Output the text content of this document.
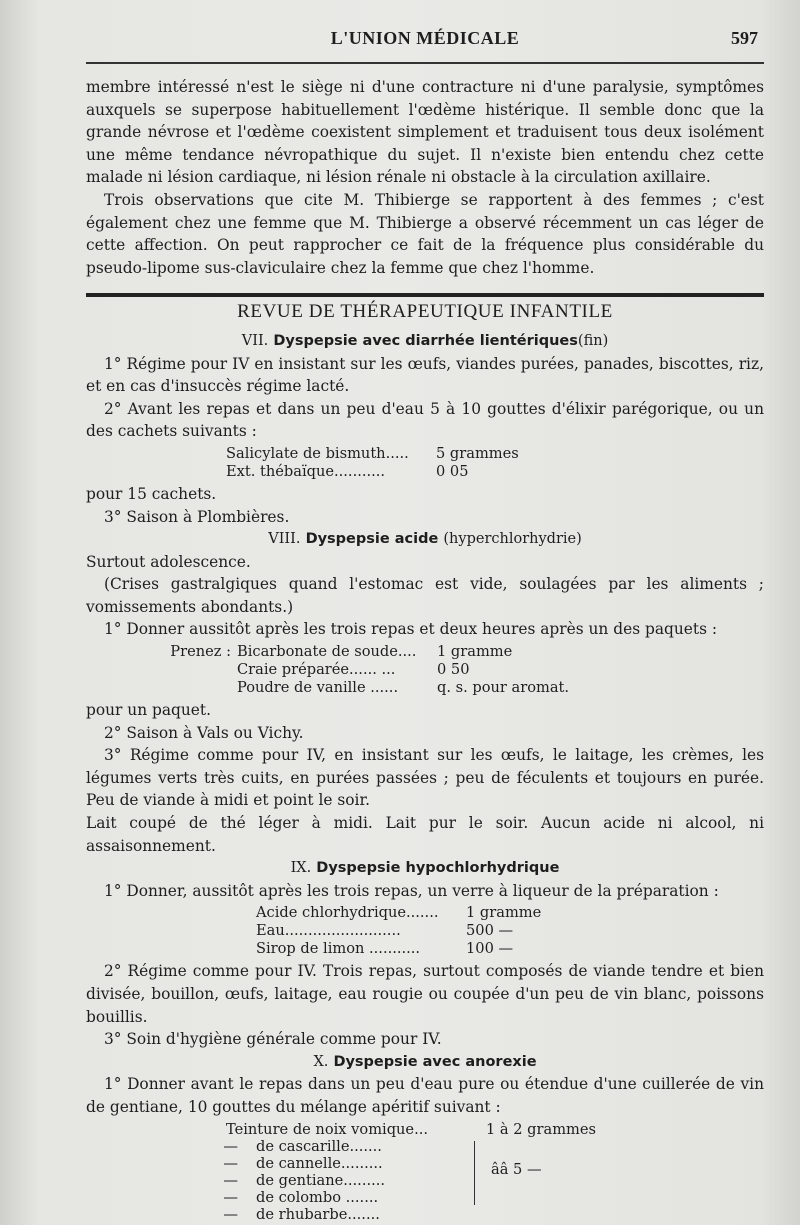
L'UNION MÉDICALE	597

membre intéressé n'est le siège ni d'une contracture ni d'une paralysie, symptômes auxquels se superpose habituellement l'œdème histérique. Il semble donc que la grande névrose et l'œdème coexistent simplement et traduisent tous deux isolément une même tendance névropathique du sujet. Il n'existe bien entendu chez cette malade ni lésion cardiaque, ni lésion rénale ni obstacle à la circulation axillaire.

Trois observations que cite M. Thibierge se rapportent à des femmes ; c'est également chez une femme que M. Thibierge a observé récemment un cas léger de cette affection. On peut rapprocher ce fait de la fréquence plus considérable du pseudo-lipome sus-claviculaire chez la femme que chez l'homme.

REVUE DE THÉRAPEUTIQUE INFANTILE
VII. Dyspepsie avec diarrhée lientériques(fin)

1° Régime pour IV en insistant sur les œufs, viandes purées, panades, biscottes, riz, et en cas d'insuccès régime lacté.

2° Avant les repas et dans un peu d'eau 5 à 10 gouttes d'élixir parégorique, ou un des cachets suivants :

Salicylate de bismuth.....	5 grammes
Ext. thébaïque...........	0 05

pour 15 cachets.

3° Saison à Plombières.

VIII. Dyspepsie acide (hyperchlorhydrie)

Surtout adolescence.

(Crises gastralgiques quand l'estomac est vide, soulagées par les aliments ; vomissements abondants.)

1° Donner aussitôt après les trois repas et deux heures après un des paquets :

Prenez : Bicarbonate de soude....	1 gramme
Craie préparée...... ...	0 50
Poudre de vanille ......	q. s. pour aromat.

pour un paquet.

2° Saison à Vals ou Vichy.

3° Régime comme pour IV, en insistant sur les œufs, le laitage, les crèmes, les légumes verts très cuits, en purées passées ; peu de féculents et toujours en purée. Peu de viande à midi et point le soir.

Lait coupé de thé léger à midi. Lait pur le soir. Aucun acide ni alcool, ni assaisonnement.

IX. Dyspepsie hypochlorhydrique

1° Donner, aussitôt après les trois repas, un verre à liqueur de la préparation :

Acide chlorhydrique.......	1 gramme
Eau.........................	500 —
Sirop de limon ...........	100 —

2° Régime comme pour IV. Trois repas, surtout composés de viande tendre et bien divisée, bouillon, œufs, laitage, eau rougie ou coupée d'un peu de vin blanc, poissons bouillis.

3° Soin d'hygiène générale comme pour IV.

X. Dyspepsie avec anorexie

1° Donner avant le repas dans un peu d'eau pure ou étendue d'une cuillerée de vin de gentiane, 10 gouttes du mélange apéritif suivant :

Teinture de noix vomique...	1 à 2 grammes
—	de cascarille.......
—	de cannelle.........
—	de gentiane.........
—	de colombo .......
—	de rhubarbe.......
ââ 5 —
